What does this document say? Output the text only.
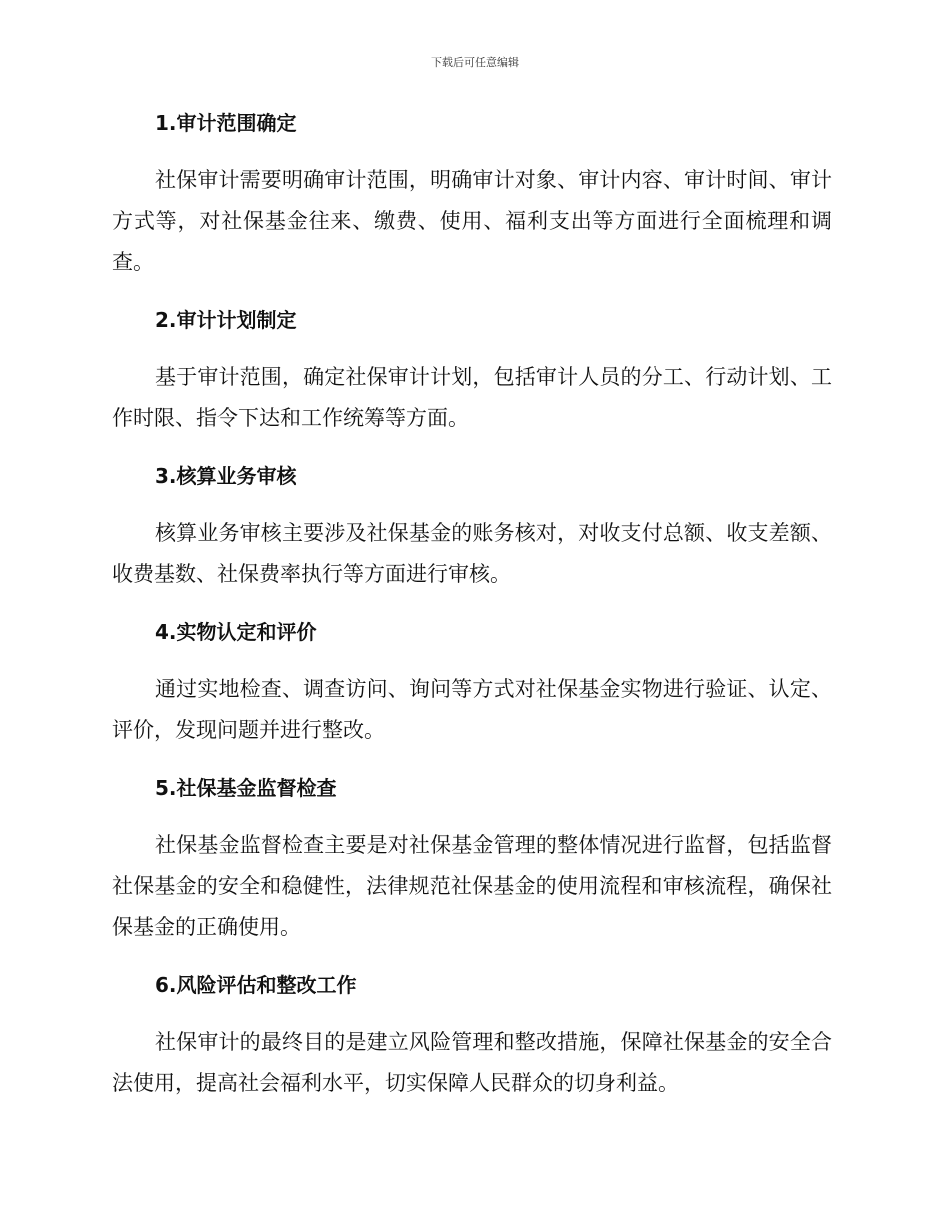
下载后可任意编辑
1.审计范围确定

社保审计需要明确审计范围，明确审计对象、审计内容、审计时间、审计方式等，对社保基金往来、缴费、使用、福利支出等方面进行全面梳理和调查。

2.审计计划制定

基于审计范围，确定社保审计计划，包括审计人员的分工、行动计划、工作时限、指令下达和工作统筹等方面。

3.核算业务审核

核算业务审核主要涉及社保基金的账务核对，对收支付总额、收支差额、收费基数、社保费率执行等方面进行审核。

4.实物认定和评价

通过实地检查、调查访问、询问等方式对社保基金实物进行验证、认定、评价，发现问题并进行整改。

5.社保基金监督检查

社保基金监督检查主要是对社保基金管理的整体情况进行监督，包括监督社保基金的安全和稳健性，法律规范社保基金的使用流程和审核流程，确保社保基金的正确使用。

6.风险评估和整改工作

社保审计的最终目的是建立风险管理和整改措施，保障社保基金的安全合法使用，提高社会福利水平，切实保障人民群众的切身利益。
